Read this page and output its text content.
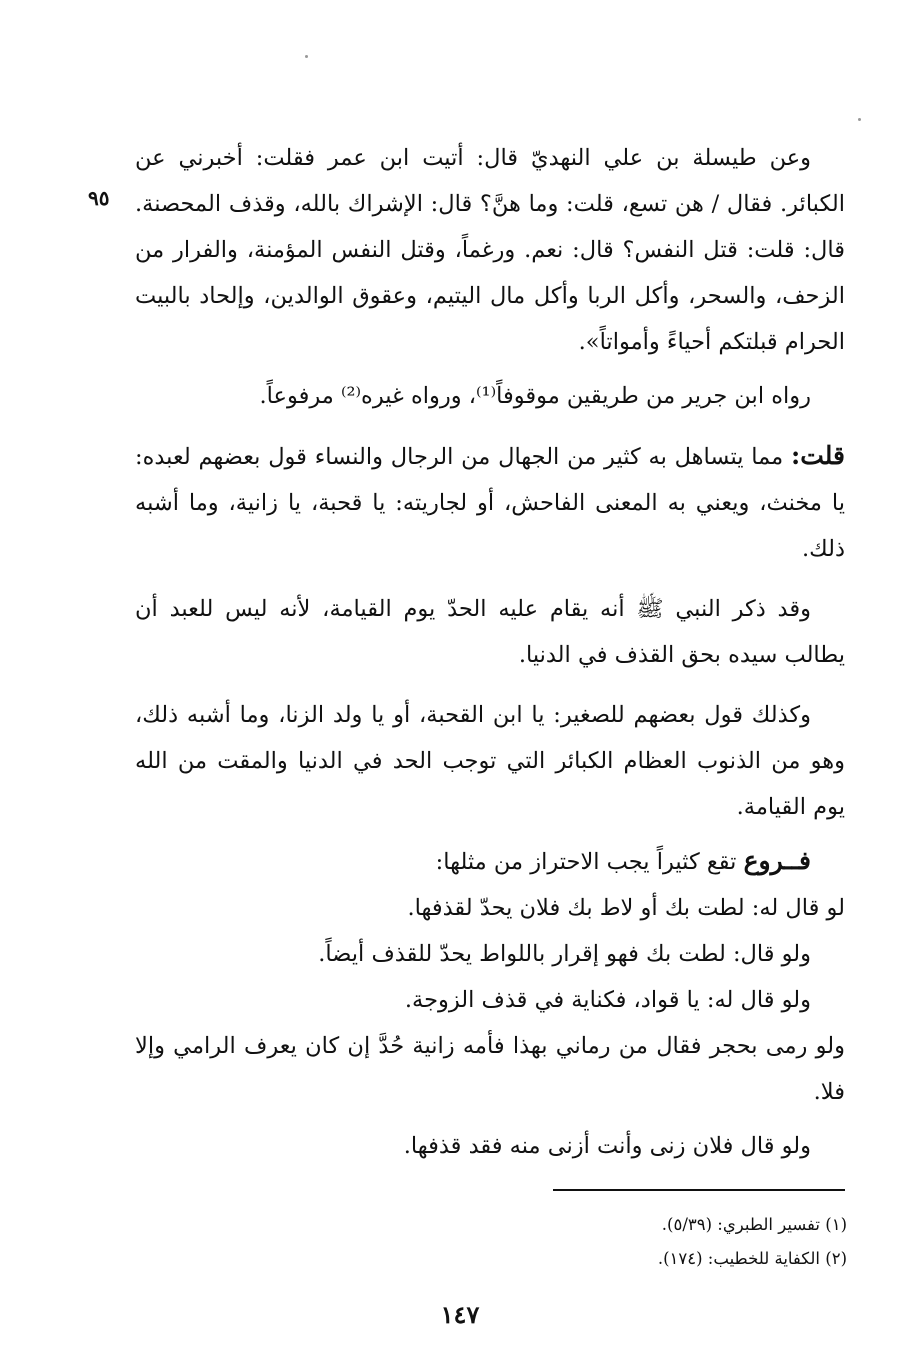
٩٥

وعن طيسلة بن علي النهديّ قال: أتيت ابن عمر فقلت: أخبرني عن الكبائر. فقال / هن تسع، قلت: وما هنَّ؟ قال: الإشراك بالله، وقذف المحصنة. قال: قلت: قتل النفس؟ قال: نعم. ورغماً، وقتل النفس المؤمنة، والفرار من الزحف، والسحر، وأكل الربا وأكل مال اليتيم، وعقوق الوالدين، وإلحاد بالبيت الحرام قبلتكم أحياءً وأمواتاً».

رواه ابن جرير من طريقين موقوفاً⁽¹⁾، ورواه غيره⁽²⁾ مرفوعاً.

قلت: مما يتساهل به كثير من الجهال من الرجال والنساء قول بعضهم لعبده: يا مخنث، ويعني به المعنى الفاحش، أو لجاريته: يا قحبة، يا زانية، وما أشبه ذلك.

وقد ذكر النبي ﷺ أنه يقام عليه الحدّ يوم القيامة، لأنه ليس للعبد أن يطالب سيده بحق القذف في الدنيا.

وكذلك قول بعضهم للصغير: يا ابن القحبة، أو يا ولد الزنا، وما أشبه ذلك، وهو من الذنوب العظام الكبائر التي توجب الحد في الدنيا والمقت من الله يوم القيامة.

فــروع تقع كثيراً يجب الاحتراز من مثلها:

لو قال له: لطت بك أو لاط بك فلان يحدّ لقذفها.

ولو قال: لطت بك فهو إقرار باللواط يحدّ للقذف أيضاً.

ولو قال له: يا قواد، فكناية في قذف الزوجة.

ولو رمى بحجر فقال من رماني بهذا فأمه زانية حُدَّ إن كان يعرف الرامي وإلا فلا.

ولو قال فلان زنى وأنت أزنى منه فقد قذفها.

(١) تفسير الطبري: (٥/٣٩).
(٢) الكفاية للخطيب: (١٧٤).
١٤٧
